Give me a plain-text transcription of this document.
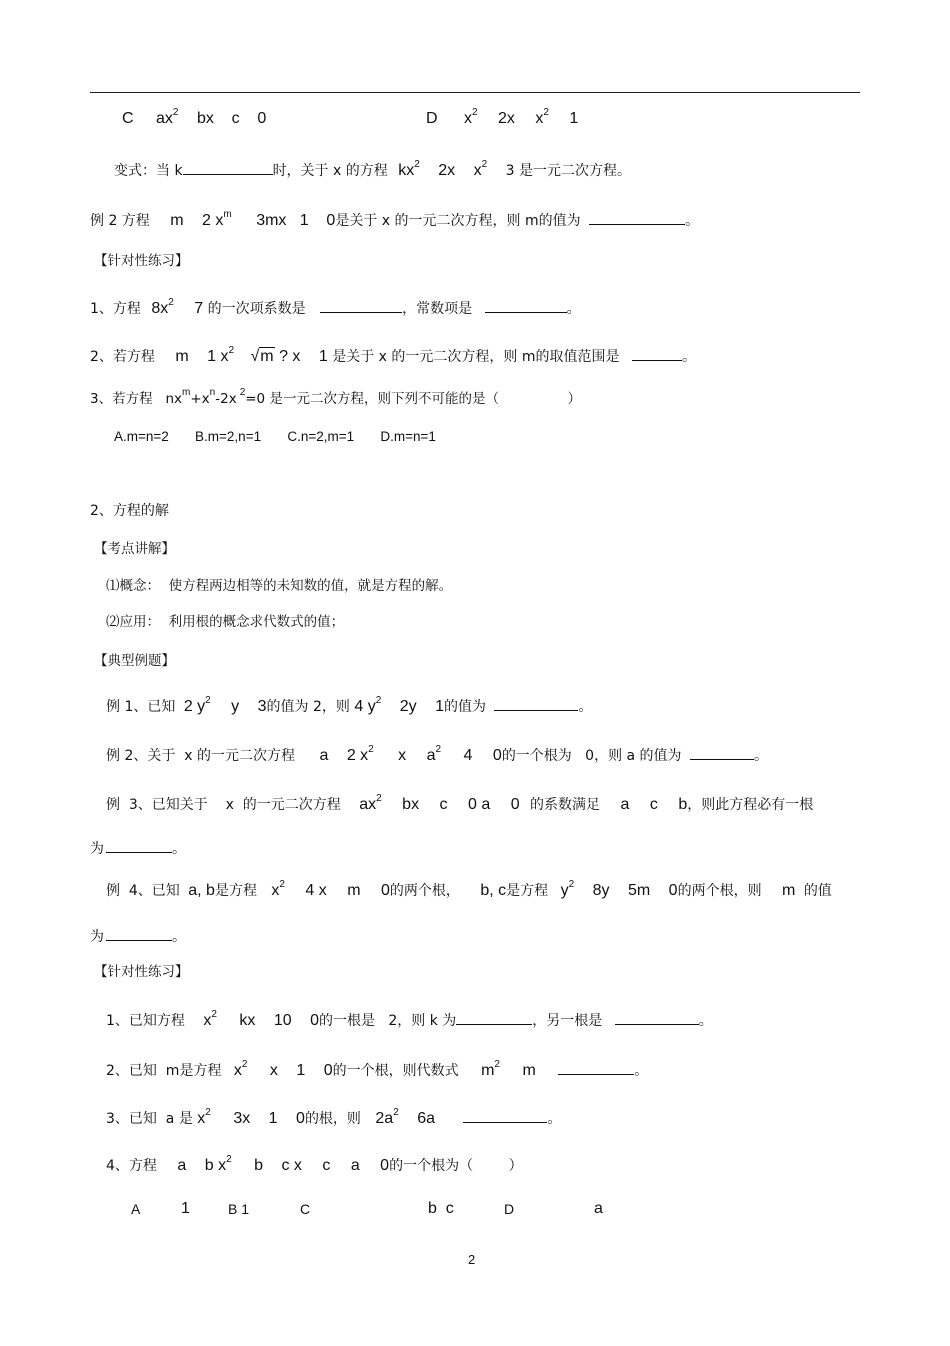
C $ax^2$ bx    c    0	D $x^2$ 2x $x^2$ 1
变式：当 k	时，关于 x 的方程 $kx^2$ 2x $x^2$ 3 是一元二次方程。
例 2 方程 m 2 $x^m$ 3mx   1    0是关于 x 的一元二次方程，则 m的值为	。
【针对性练习】
1、方程 $8x^2$ 7 的一次项系数是	，常数项是	。
2、若方程 m 1 $x^2$ √m ? x 1 是关于 x 的一元二次方程，则 m的取值范围是	。
3、若方程   $nx^m+x^n-2x$ $^2$=0 是一元二次方程，则下列不可能的是（                ）
A.m=n=2       B.m=2,n=1       C.n=2,m=1       D.m=n=1
2、方程的解
【考点讲解】
⑴概念：  使方程两边相等的未知数的值，就是方程的解。
⑵应用：  利用根的概念求代数式的值；
【典型例题】
例 1、已知 2 $y^2$ y 3的值为 2，则 4 $y^2$ 2y 1的值为	。
例 2、关于  x 的一元二次方程 a 2 $x^2$ x $a^2$ 4 0的一个根为   0，则 a 的值为	。
例  3、已知关于    x  的一元二次方程 $ax^2$ bx c 0 a 0 的系数满足 a c b，则此方程必有一根
为	。
例  4、已知 a, b是方程 $x^2$ 4 x m 0的两个根， b, c是方程 $y^2$ 8y 5m 0的两个根，则 m 的值
为	。
【针对性练习】
1、已知方程 $x^2$ kx 10 0的一根是   2，则 k 为	，另一根是	。
2、已知  m是方程 $x^2$ x 1 0的一个根，则代数式 $m^2$ m	。
3、已知  a 是 $x^2$ 3x 1 0的根，则 $2a^2$ 6a	。
4、方程 a b $x^2$ b c x c a 0的一个根为（        ）
A	1	B 1	C	b  c	D	a
2
